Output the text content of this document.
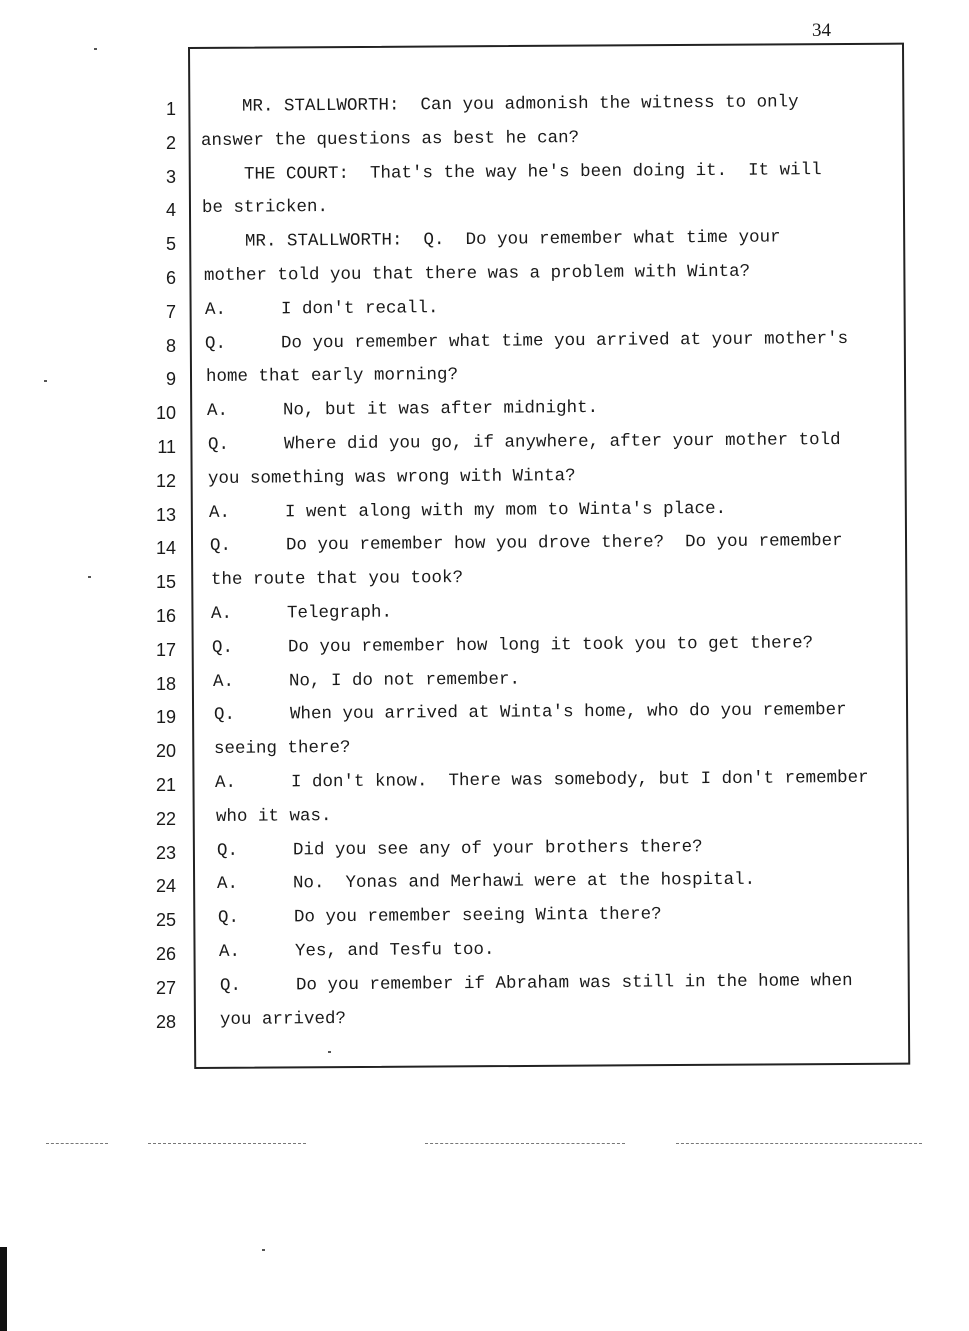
34
1 MR. STALLWORTH:  Can you admonish the witness to only
2 answer the questions as best he can?
3 THE COURT:  That's the way he's been doing it.  It will
4 be stricken.
5 MR. STALLWORTH:  Q.  Do you remember what time your
6 mother told you that there was a problem with Winta?
7 A.	I don't recall.
8 Q.	Do you remember what time you arrived at your mother's
9 home that early morning?
10 A.	No, but it was after midnight.
11 Q.	Where did you go, if anywhere, after your mother told
12 you something was wrong with Winta?
13 A.	I went along with my mom to Winta's place.
14 Q.	Do you remember how you drove there?  Do you remember
15 the route that you took?
16 A.	Telegraph.
17 Q.	Do you remember how long it took you to get there?
18 A.	No, I do not remember.
19 Q.	When you arrived at Winta's home, who do you remember
20 seeing there?
21 A.	I don't know.  There was somebody, but I don't remember
22 who it was.
23 Q.	Did you see any of your brothers there?
24 A.	No.  Yonas and Merhawi were at the hospital.
25 Q.	Do you remember seeing Winta there?
26 A.	Yes, and Tesfu too.
27 Q.	Do you remember if Abraham was still in the home when
28	you arrived?
